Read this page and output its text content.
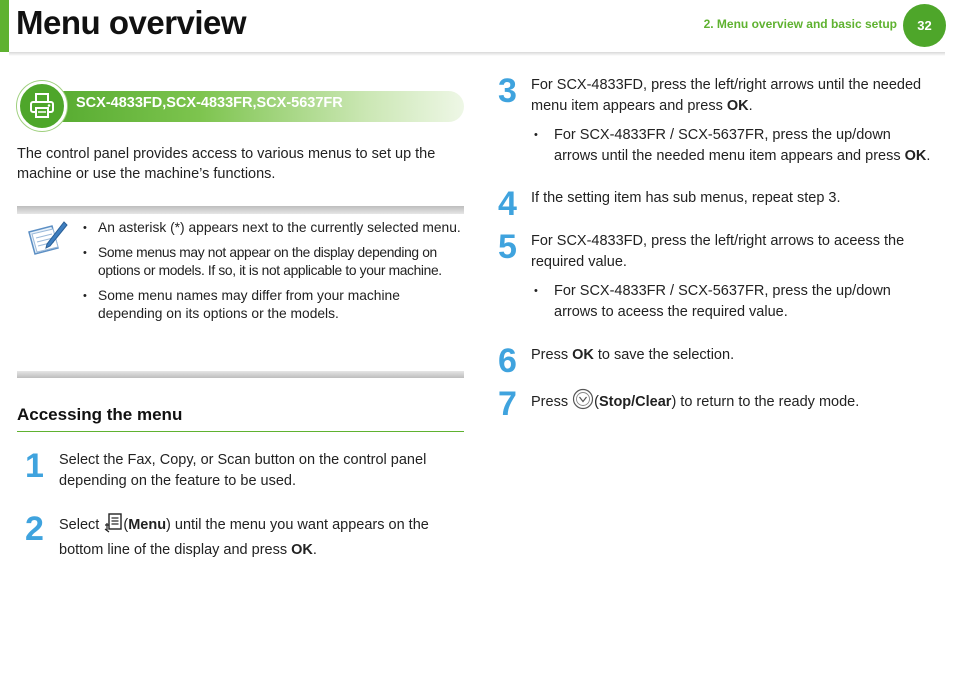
Menu overview	2. Menu overview and basic setup	32
SCX-4833FD,SCX-4833FR,SCX-5637FR

The control panel provides access to various menus to set up the machine or use the machine’s functions.

• An asterisk (*) appears next to the currently selected menu.
• Some menus may not appear on the display depending on options or models. If so, it is not applicable to your machine.
• Some menu names may differ from your machine depending on its options or the models.
Accessing the menu
1 Select the Fax, Copy, or Scan button on the control panel depending on the feature to be used.

2 Select (Menu) until the menu you want appears on the bottom line of the display and press OK.

3 For SCX-4833FD, press the left/right arrows until the needed menu item appears and press OK.

• For SCX-4833FR / SCX-5637FR, press the up/down arrows until the needed menu item appears and press OK.
4 If the setting item has sub menus, repeat step 3.

5 For SCX-4833FD, press the left/right arrows to aceess the required value.

• For SCX-4833FR / SCX-5637FR, press the up/down arrows to aceess the required value.
6 Press OK to save the selection.

7 Press (Stop/Clear) to return to the ready mode.
